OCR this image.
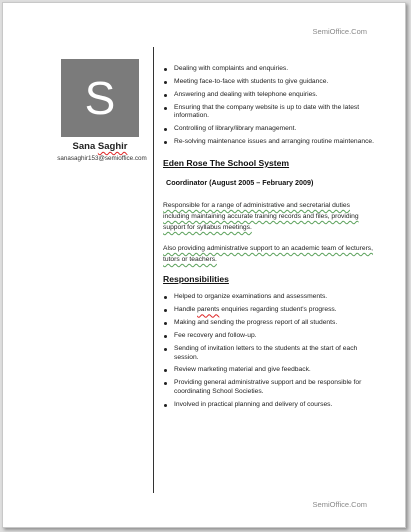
SemiOffice.Com
S
Sana Saghir
sanasaghir153@semioffice.com
Dealing with complaints and enquiries.
Meeting face-to-face with students to give guidance.
Answering and dealing with telephone enquiries.
Ensuring that the company website is up to date with the latest information.
Controlling of library/library management.
Re-solving maintenance issues and arranging routine maintenance.
Eden Rose The School System
Coordinator (August 2005 – February 2009)

Responsible for a range of administrative and secretarial duties including maintaining accurate training records and files, providing support for syllabus meetings.

Also providing administrative support to an academic team of lecturers, tutors or teachers.

Responsibilities
Helped to organize examinations and assessments.
Handle parents enquiries regarding student's progress.
Making and sending the progress report of all students.
Fee recovery and follow-up.
Sending of invitation letters to the students at the start of each session.
Review marketing material and give feedback.
Providing general administrative support and be responsible for coordinating School Societies.
Involved in practical planning and delivery of courses.
SemiOffice.Com
